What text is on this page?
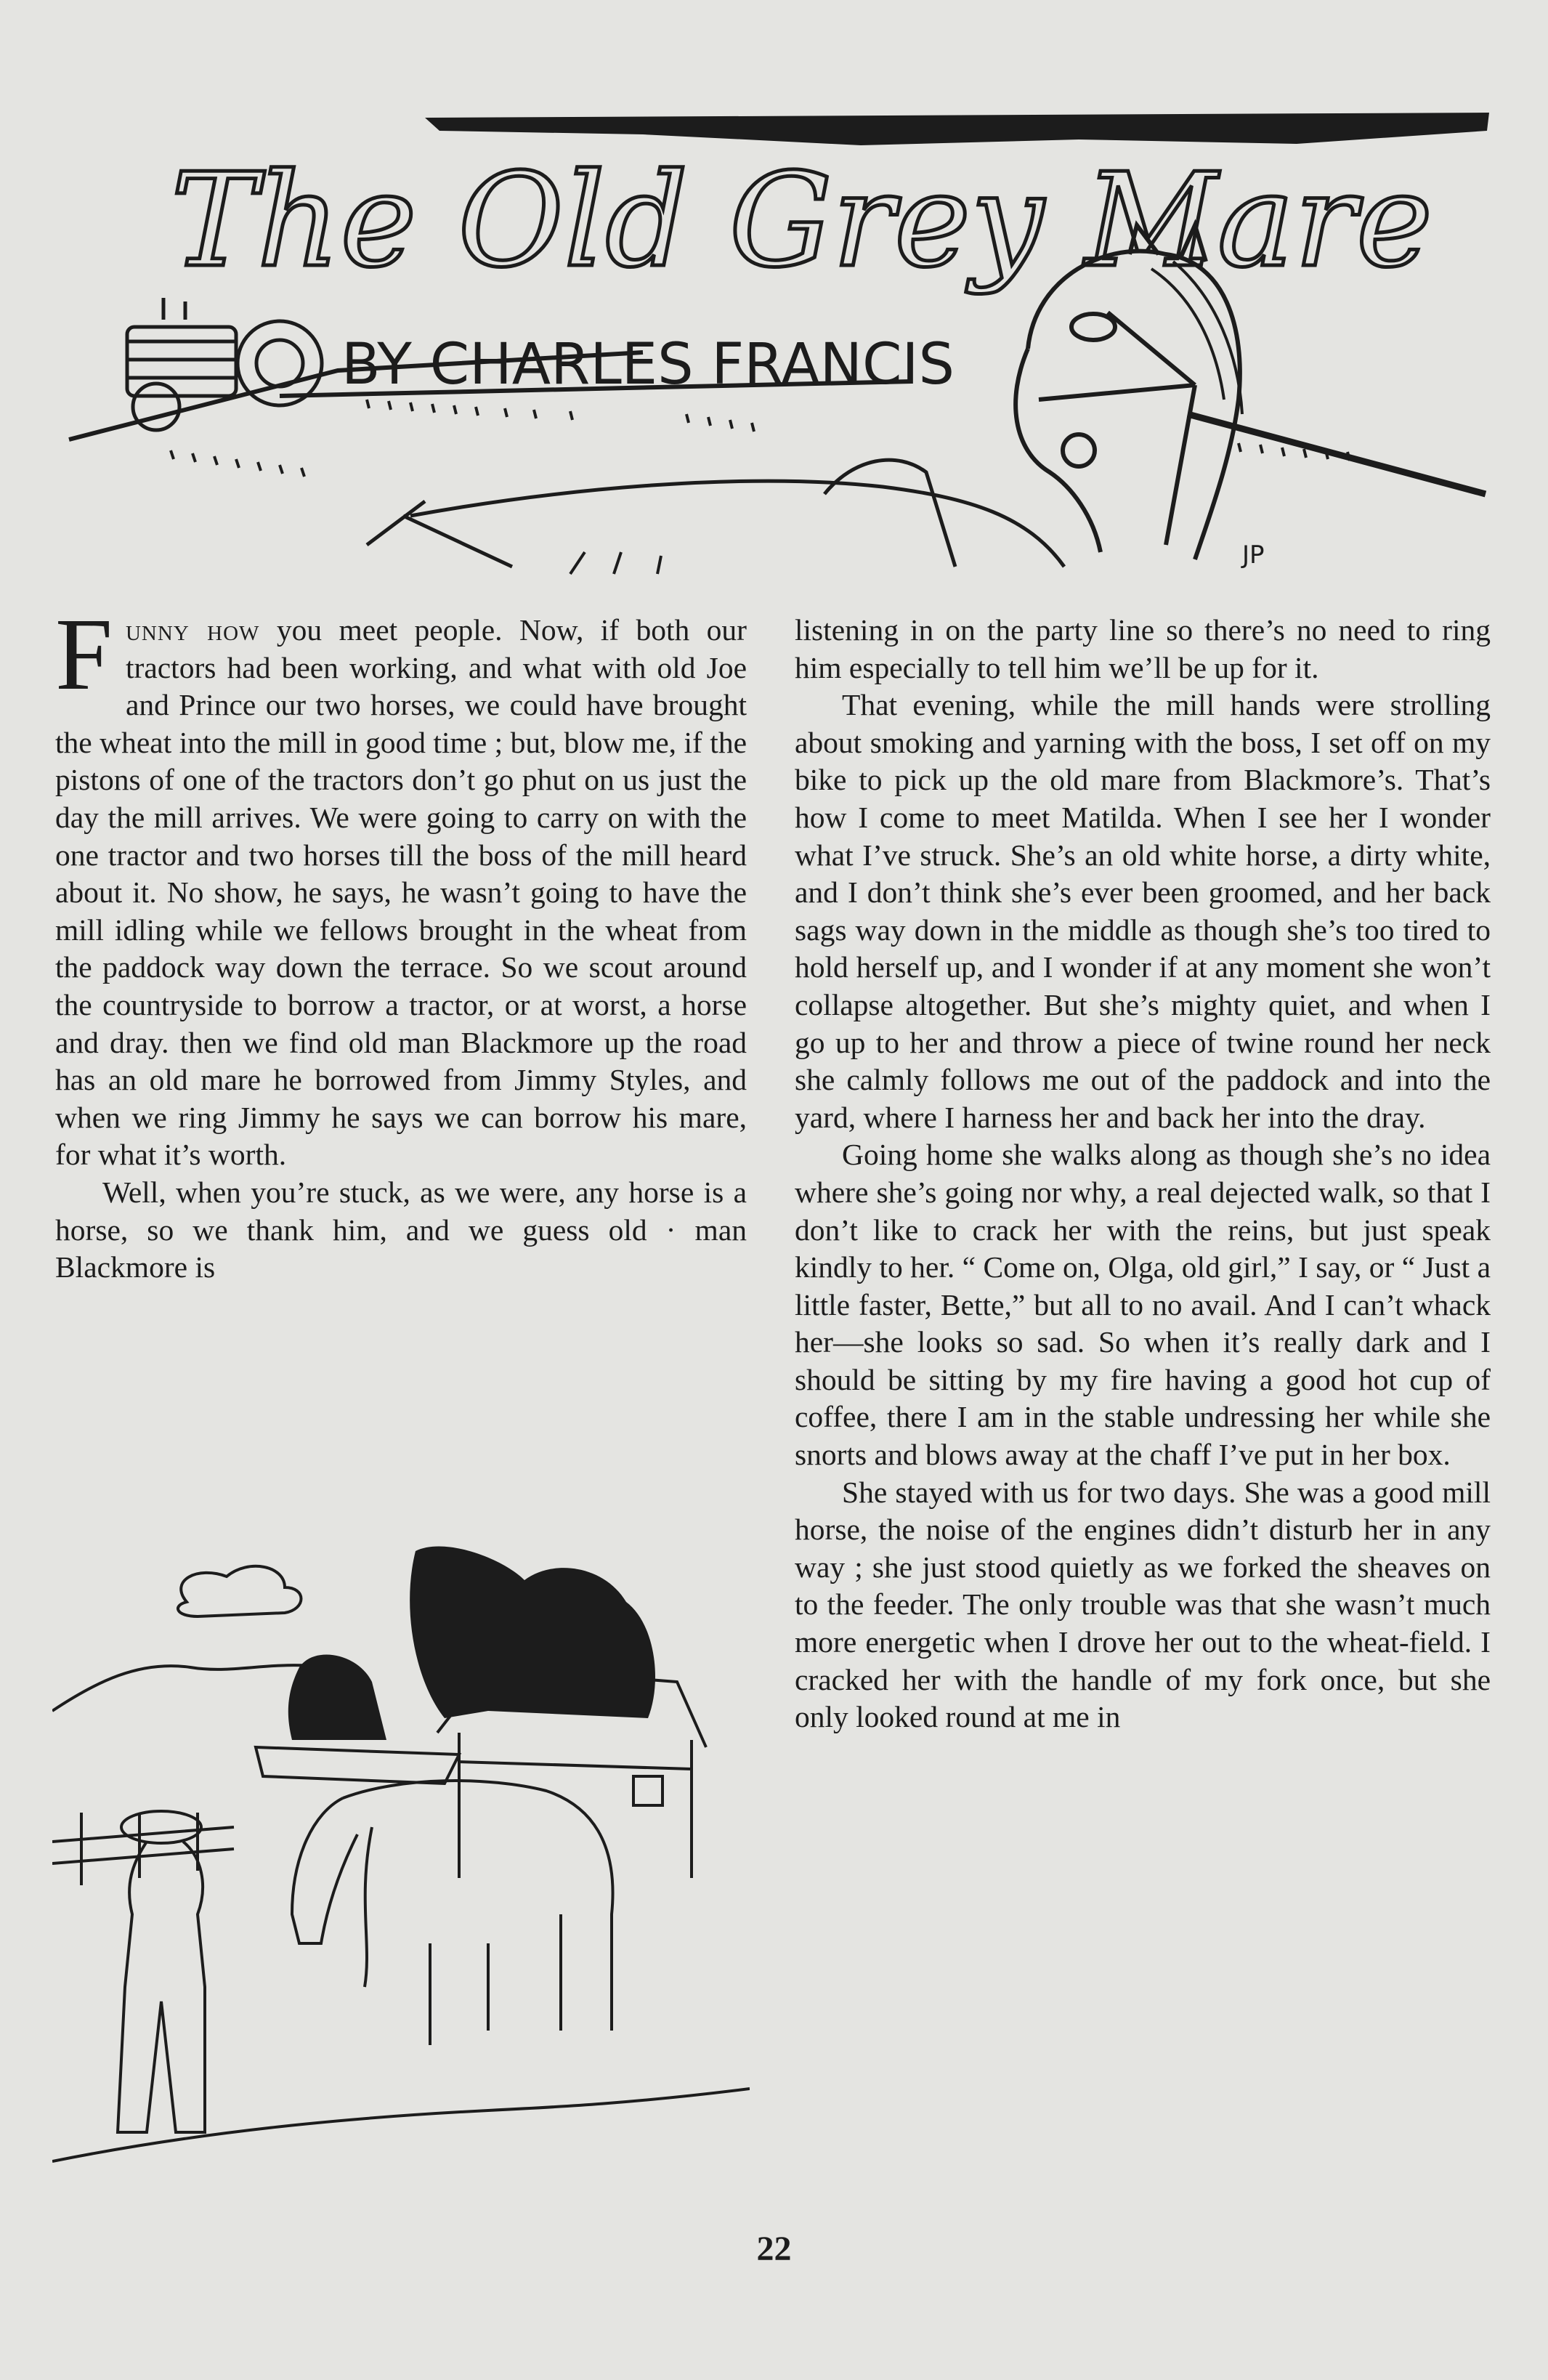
The Old Grey Mare
BY CHARLES FRANCIS
JP

Funny how you meet people. Now, if both our tractors had been working, and what with old Joe and Prince our two horses, we could have brought the wheat into the mill in good time ; but, blow me, if the pistons of one of the tractors don’t go phut on us just the day the mill arrives. We were going to carry on with the one tractor and two horses till the boss of the mill heard about it. No show, he says, he wasn’t going to have the mill idling while we fellows brought in the wheat from the paddock way down the terrace. So we scout around the countryside to borrow a tractor, or at worst, a horse and dray. then we find old man Blackmore up the road has an old mare he borrowed from Jimmy Styles, and when we ring Jimmy he says we can borrow his mare, for what it’s worth.

Well, when you’re stuck, as we were, any horse is a horse, so we thank him, and we guess old · man Blackmore is

listening in on the party line so there’s no need to ring him especially to tell him we’ll be up for it.

That evening, while the mill hands were strolling about smoking and yarning with the boss, I set off on my bike to pick up the old mare from Blackmore’s. That’s how I come to meet Matilda. When I see her I wonder what I’ve struck. She’s an old white horse, a dirty white, and I don’t think she’s ever been groomed, and her back sags way down in the middle as though she’s too tired to hold herself up, and I wonder if at any moment she won’t collapse altogether. But she’s mighty quiet, and when I go up to her and throw a piece of twine round her neck she calmly follows me out of the paddock and into the yard, where I harness her and back her into the dray.

Going home she walks along as though she’s no idea where she’s going nor why, a real dejected walk, so that I don’t like to crack her with the reins, but just speak kindly to her. “ Come on, Olga, old girl,” I say, or “ Just a little faster, Bette,” but all to no avail. And I can’t whack her—she looks so sad. So when it’s really dark and I should be sitting by my fire having a good hot cup of coffee, there I am in the stable undressing her while she snorts and blows away at the chaff I’ve put in her box.

She stayed with us for two days. She was a good mill horse, the noise of the engines didn’t disturb her in any way ; she just stood quietly as we forked the sheaves on to the feeder. The only trouble was that she wasn’t much more energetic when I drove her out to the wheat-field. I cracked her with the handle of my fork once, but she only looked round at me in

22
